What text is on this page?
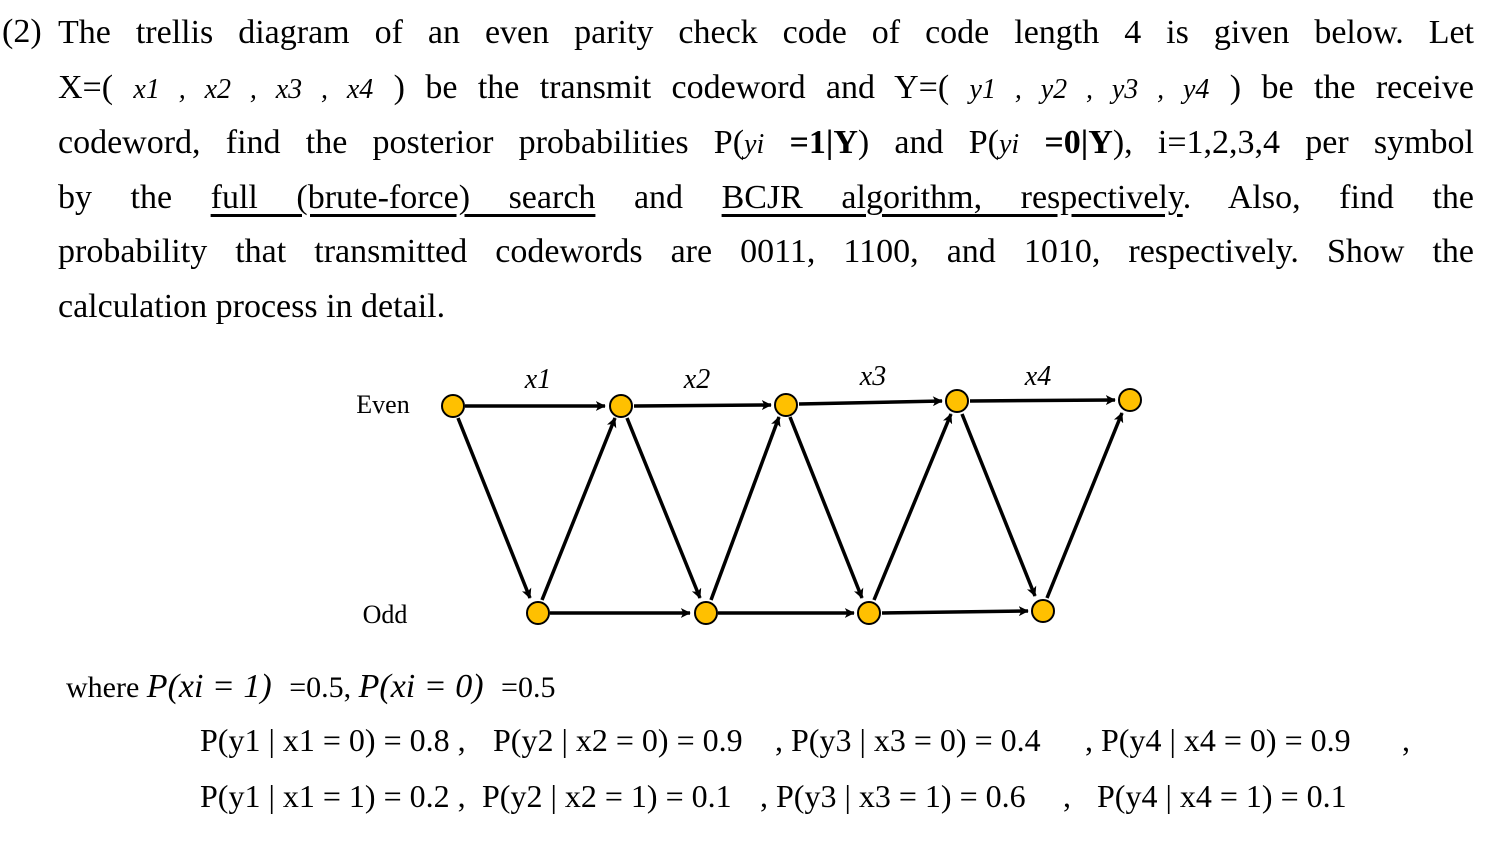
(2) The trellis diagram of an even parity check code of code length 4 is given below. Let
X=( x1 , x2 , x3 , x4 ) be the transmit codeword and Y=( y1 , y2 , y3 , y4 ) be the receive
codeword, find the posterior probabilities P(yi =1|Y) and P(yi =0|Y), i=1,2,3,4 per symbol
by the full (brute-force) search and BCJR algorithm, respectively. Also, find the
probability that transmitted codewords are 0011, 1100, and 1010, respectively. Show the
calculation process in detail.
Even
Odd
x1	x2	x3	x4
where P(xi = 1) =0.5, P(xi = 0) =0.5
P(y1 | x1 = 0) = 0.8 , P(y2 | x2 = 0) = 0.9 , P(y3 | x3 = 0) = 0.4 , P(y4 | x4 = 0) = 0.9 ,
P(y1 | x1 = 1) = 0.2 , P(y2 | x2 = 1) = 0.1 , P(y3 | x3 = 1) = 0.6 , P(y4 | x4 = 1) = 0.1
